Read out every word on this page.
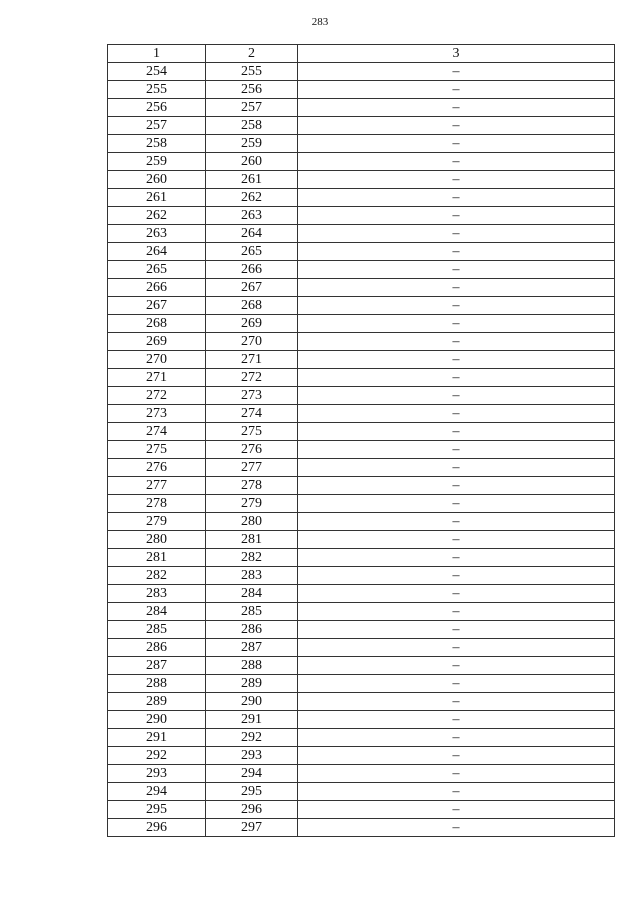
283
1	2	3
254	255	–
255	256	–
256	257	–
257	258	–
258	259	–
259	260	–
260	261	–
261	262	–
262	263	–
263	264	–
264	265	–
265	266	–
266	267	–
267	268	–
268	269	–
269	270	–
270	271	–
271	272	–
272	273	–
273	274	–
274	275	–
275	276	–
276	277	–
277	278	–
278	279	–
279	280	–
280	281	–
281	282	–
282	283	–
283	284	–
284	285	–
285	286	–
286	287	–
287	288	–
288	289	–
289	290	–
290	291	–
291	292	–
292	293	–
293	294	–
294	295	–
295	296	–
296	297	–
